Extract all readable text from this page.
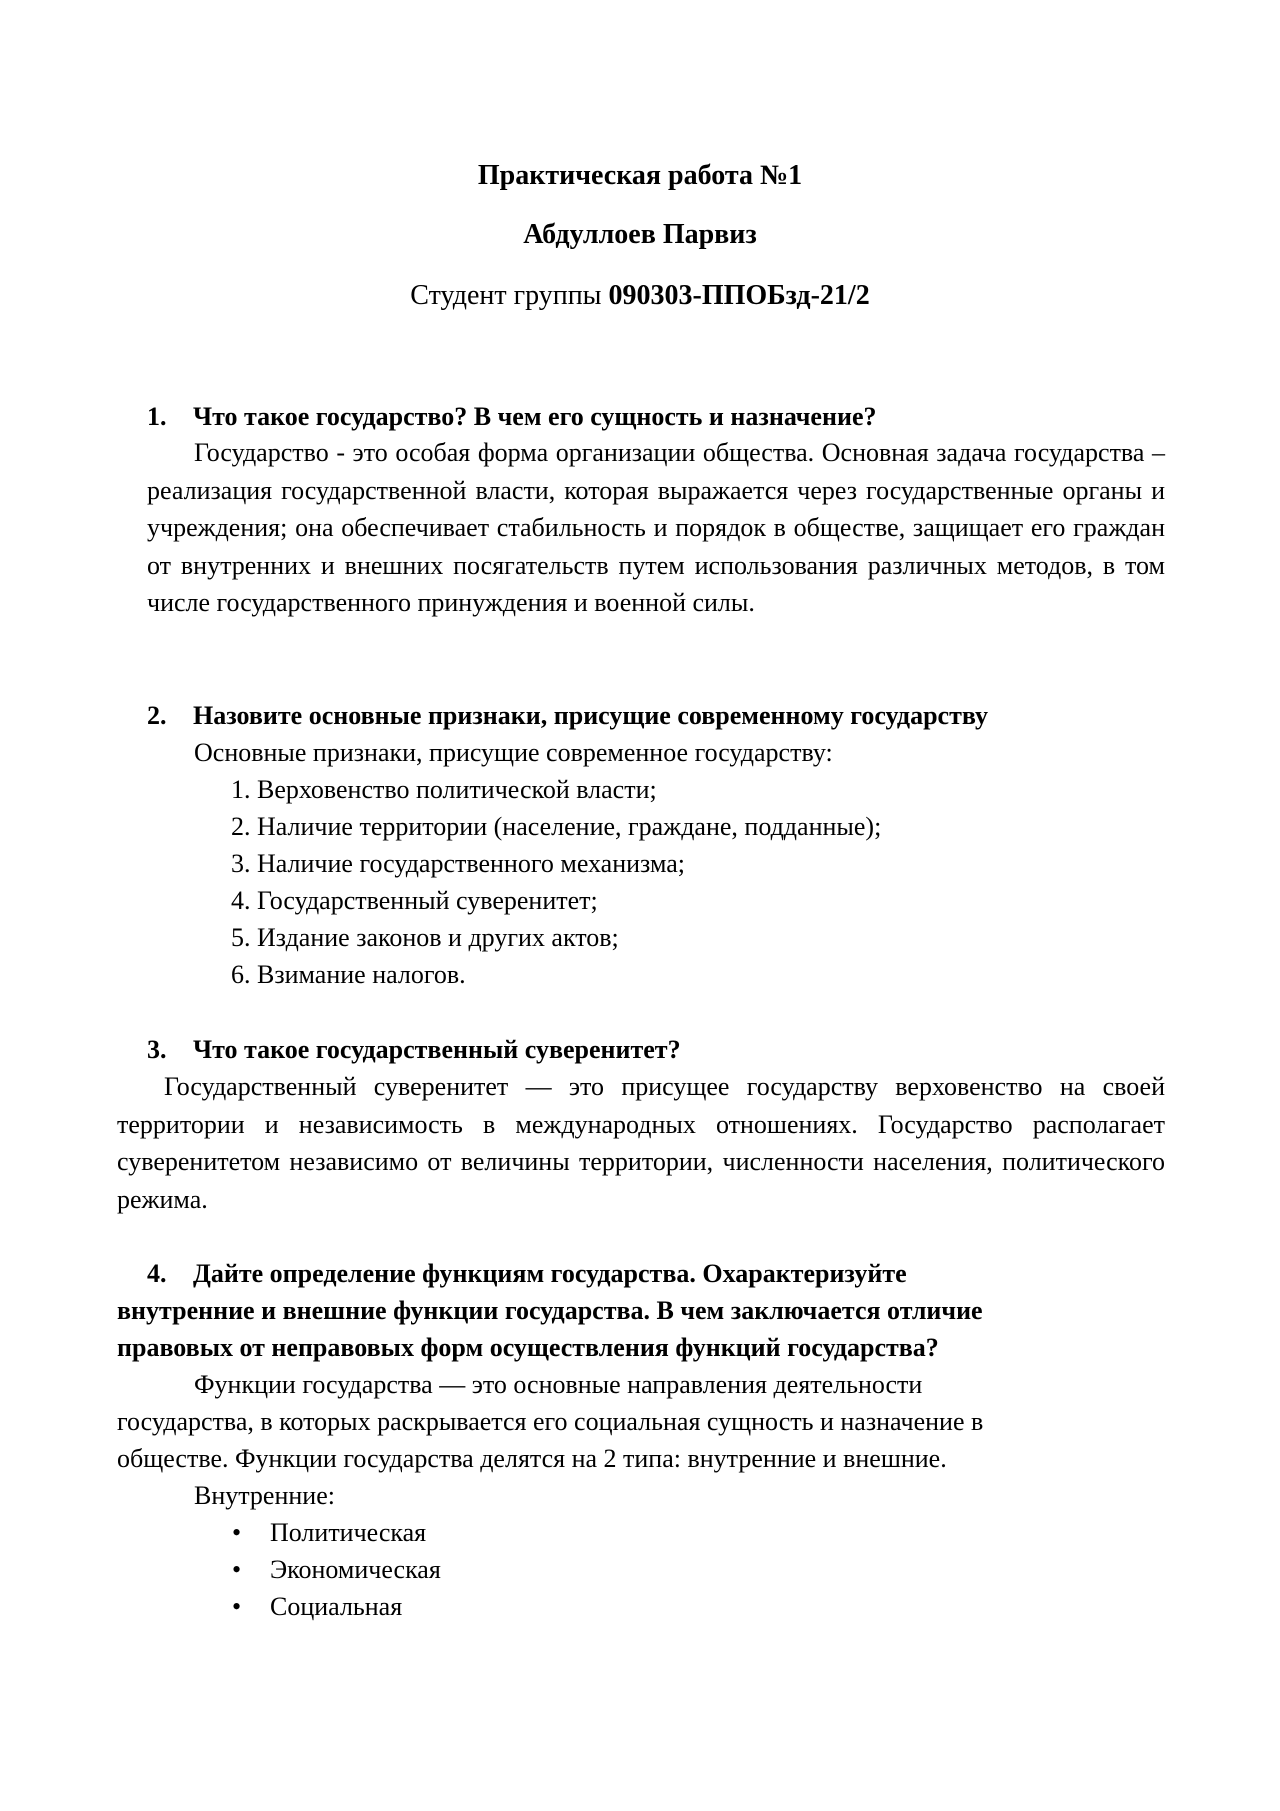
Практическая работа №1
Абдуллоев Парвиз
Студент группы 090303-ППОБзд-21/2
1. Что такое государство? В чем его сущность и назначение?

Государство - это особая форма организации общества. Основная задача государства – реализация государственной власти, которая выражается через государственные органы и учреждения; она обеспечивает стабильность и порядок в обществе, защищает его граждан от внутренних и внешних посягательств путем использования различных методов, в том числе государственного принуждения и военной силы.

2. Назовите основные признаки, присущие современному государству
Основные признаки, присущие современное государству:
1. Верховенство политической власти;
2. Наличие территории (население, граждане, подданные);
3. Наличие государственного механизма;
4. Государственный суверенитет;
5. Издание законов и других актов;
6. Взимание налогов.
3. Что такое государственный суверенитет?

Государственный суверенитет — это присущее государству верховенство на своей территории и независимость в международных отношениях. Государство располагает суверенитетом независимо от величины территории, численности населения, политического режима.

4. Дайте определение функциям государства. Охарактеризуйте
внутренние и внешние функции государства. В чем заключается отличие
правовых от неправовых форм осуществления функций государства?
Функции государства — это основные направления деятельности
государства, в которых раскрывается его социальная сущность и назначение в
обществе. Функции государства делятся на 2 типа: внутренние и внешние.
Внутренние:
• Политическая
• Экономическая
• Социальная
